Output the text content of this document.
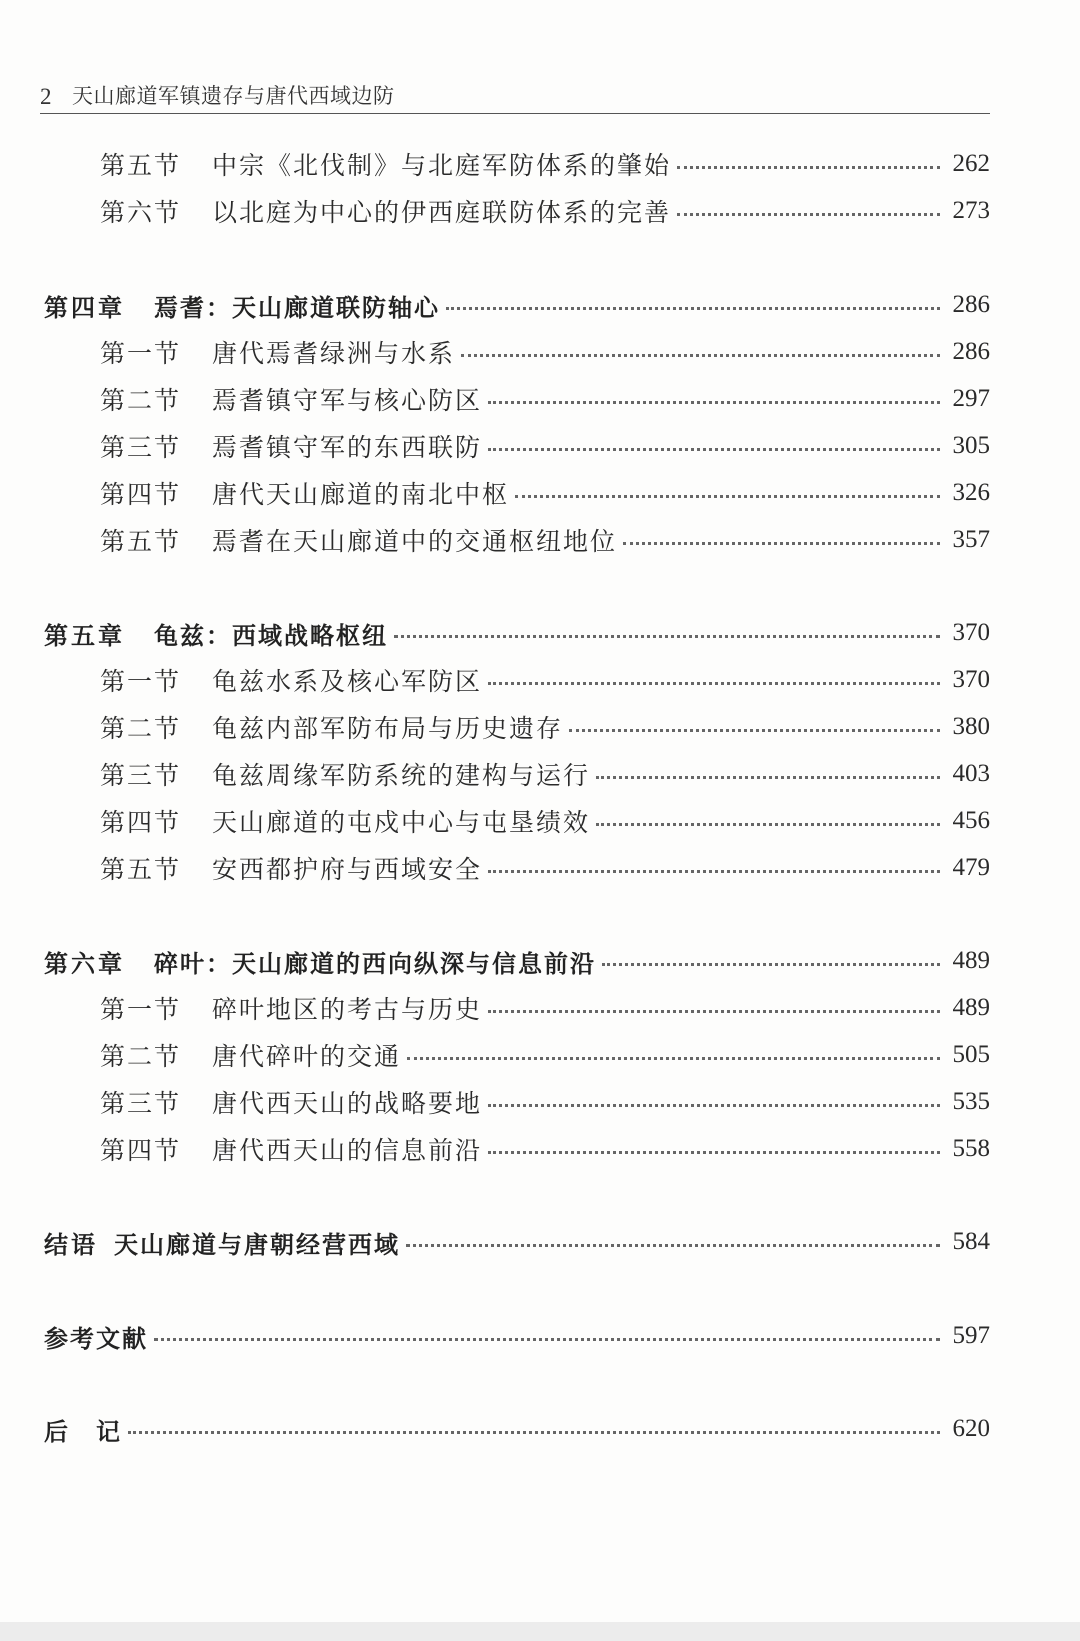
2 天山廊道军镇遗存与唐代西域边防
第五节	中宗《北伐制》与北庭军防体系的肇始	262
第六节	以北庭为中心的伊西庭联防体系的完善	273
第四章	焉耆：天山廊道联防轴心	286
第一节	唐代焉耆绿洲与水系	286
第二节	焉耆镇守军与核心防区	297
第三节	焉耆镇守军的东西联防	305
第四节	唐代天山廊道的南北中枢	326
第五节	焉耆在天山廊道中的交通枢纽地位	357
第五章	龟兹：西域战略枢纽	370
第一节	龟兹水系及核心军防区	370
第二节	龟兹内部军防布局与历史遗存	380
第三节	龟兹周缘军防系统的建构与运行	403
第四节	天山廊道的屯戍中心与屯垦绩效	456
第五节	安西都护府与西域安全	479
第六章	碎叶：天山廊道的西向纵深与信息前沿	489
第一节	碎叶地区的考古与历史	489
第二节	唐代碎叶的交通	505
第三节	唐代西天山的战略要地	535
第四节	唐代西天山的信息前沿	558
结语 天山廊道与唐朝经营西域	584
参考文献	597
后　记	620
